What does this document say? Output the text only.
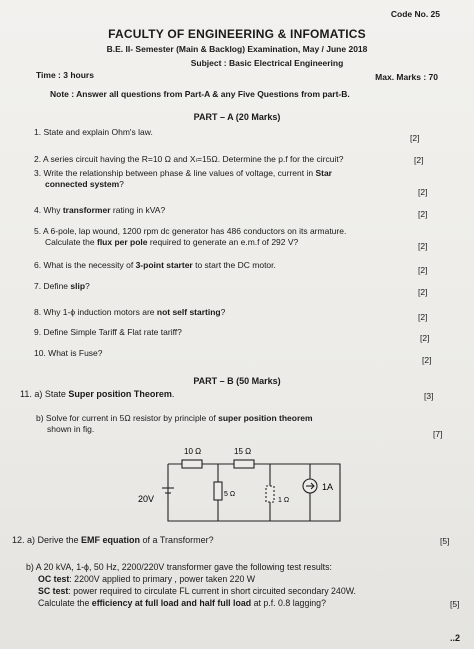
Code No. 25
FACULTY OF ENGINEERING & INFOMATICS
B.E. II- Semester (Main & Backlog) Examination, May / June 2018
Subject : Basic Electrical Engineering
Time : 3 hours	Max. Marks : 70
Note : Answer all questions from Part-A & any Five Questions from part-B.
PART – A (20 Marks)
1. State and explain Ohm's law.
[2]
2. A series circuit having the R=10 Ω and Xₗ=15Ω. Determine the p.f for the circuit?	[2]
3. Write the relationship between phase & line values of voltage, current in Star
connected system?
[2]
4. Why transformer rating in kVA?	[2]
5. A 6-pole, lap wound, 1200 rpm dc generator has 486 conductors on its armature.
Calculate the flux per pole required to generate an e.m.f of 292 V?	[2]
6. What is the necessity of 3-point starter to start the DC motor.	[2]
7. Define slip?
[2]
8. Why 1-ϕ induction motors are not self starting?	[2]
9. Define Simple Tariff & Flat rate tariff?
[2]
10. What is Fuse?
[2]
PART – B (50 Marks)
11. a) State Super position Theorem.	[3]
b) Solve for current in 5Ω resistor by principle of super position theorem
shown in fig.	[7]
10 Ω	15 Ω
5 Ω
1 Ω
20V
1A
12. a) Derive the EMF equation of a Transformer?	[5]
b) A 20 kVA, 1-ϕ, 50 Hz, 2200/220V transformer gave the following test results:
OC test: 2200V applied to primary , power taken 220 W
SC test: power required to circulate FL current in short circuited secondary 240W.
Calculate the efficiency at full load and half full load at p.f. 0.8 lagging?	[5]
..2
